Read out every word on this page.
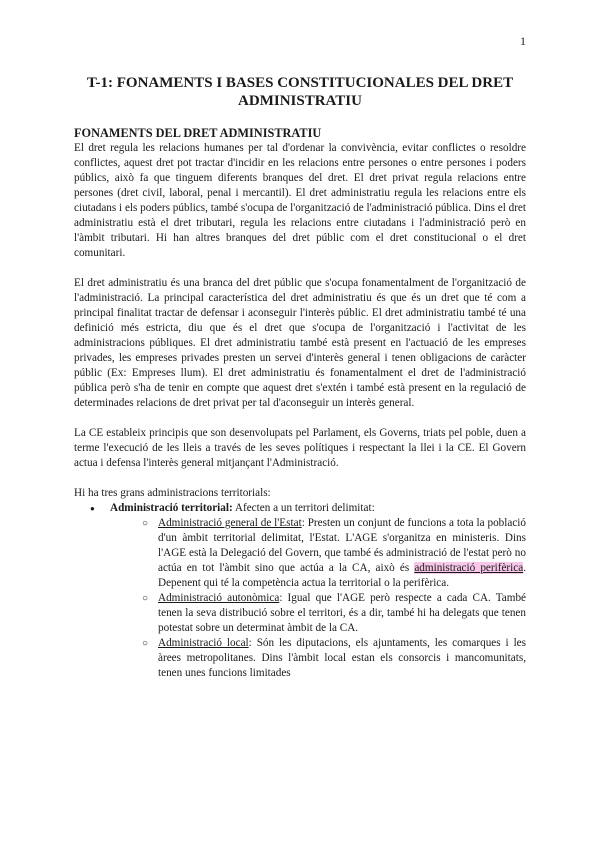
1
T-1: FONAMENTS I BASES CONSTITUCIONALES DEL DRET ADMINISTRATIU
FONAMENTS DEL DRET ADMINISTRATIU

El dret regula les relacions humanes per tal d'ordenar la convivència, evitar conflictes o resoldre conflictes, aquest dret pot tractar d'incidir en les relacions entre persones o entre persones i poders públics, això fa que tinguem diferents branques del dret. El dret privat regula relacions entre persones (dret civil, laboral, penal i mercantil). El dret administratiu regula les relacions entre els ciutadans i els poders públics, també s'ocupa de l'organització de l'administració pública. Dins el dret administratiu està el dret tributari, regula les relacions entre ciutadans i l'administració però en l'àmbit tributari. Hi han altres branques del dret públic com el dret constitucional o el dret comunitari.

El dret administratiu és una branca del dret públic que s'ocupa fonamentalment de l'organització de l'administració. La principal característica del dret administratiu és que és un dret que té com a principal finalitat tractar de defensar i aconseguir l'interès públic. El dret administratiu també té una definició més estricta, diu que és el dret que s'ocupa de l'organització i l'activitat de les administracions públiques. El dret administratiu també està present en l'actuació de les empreses privades, les empreses privades presten un servei d'interès general i tenen obligacions de caràcter públic (Ex: Empreses llum). El dret administratiu és fonamentalment el dret de l'administració pública però s'ha de tenir en compte que aquest dret s'extén i també està present en la regulació de determinades relacions de dret privat per tal d'aconseguir un interès general.

La CE estableix principis que son desenvolupats pel Parlament, els Governs, triats pel poble, duen a terme l'execució de les lleis a través de les seves polítiques i respectant la llei i la CE. El Govern actua i defensa l'interès general mitjançant l'Administració.

Hi ha tres grans administracions territorials:

● Administració territorial: Afecten a un territori delimitat:
○ Administració general de l'Estat: Presten un conjunt de funcions a tota la població d'un àmbit territorial delimitat, l'Estat. L'AGE s'organitza en ministeris. Dins l'AGE està la Delegació del Govern, que també és administració de l'estat però no actúa en tot l'àmbit sino que actúa a la CA, això és administració perifèrica. Depenent qui té la competència actua la territorial o la perifèrica.
○ Administració autonòmica: Igual que l'AGE però respecte a cada CA. També tenen la seva distribució sobre el territori, és a dir, també hi ha delegats que tenen potestat sobre un determinat àmbit de la CA.
○ Administració local: Són les diputacions, els ajuntaments, les comarques i les àrees metropolitanes. Dins l'àmbit local estan els consorcis i mancomunitats, tenen unes funcions limitades
